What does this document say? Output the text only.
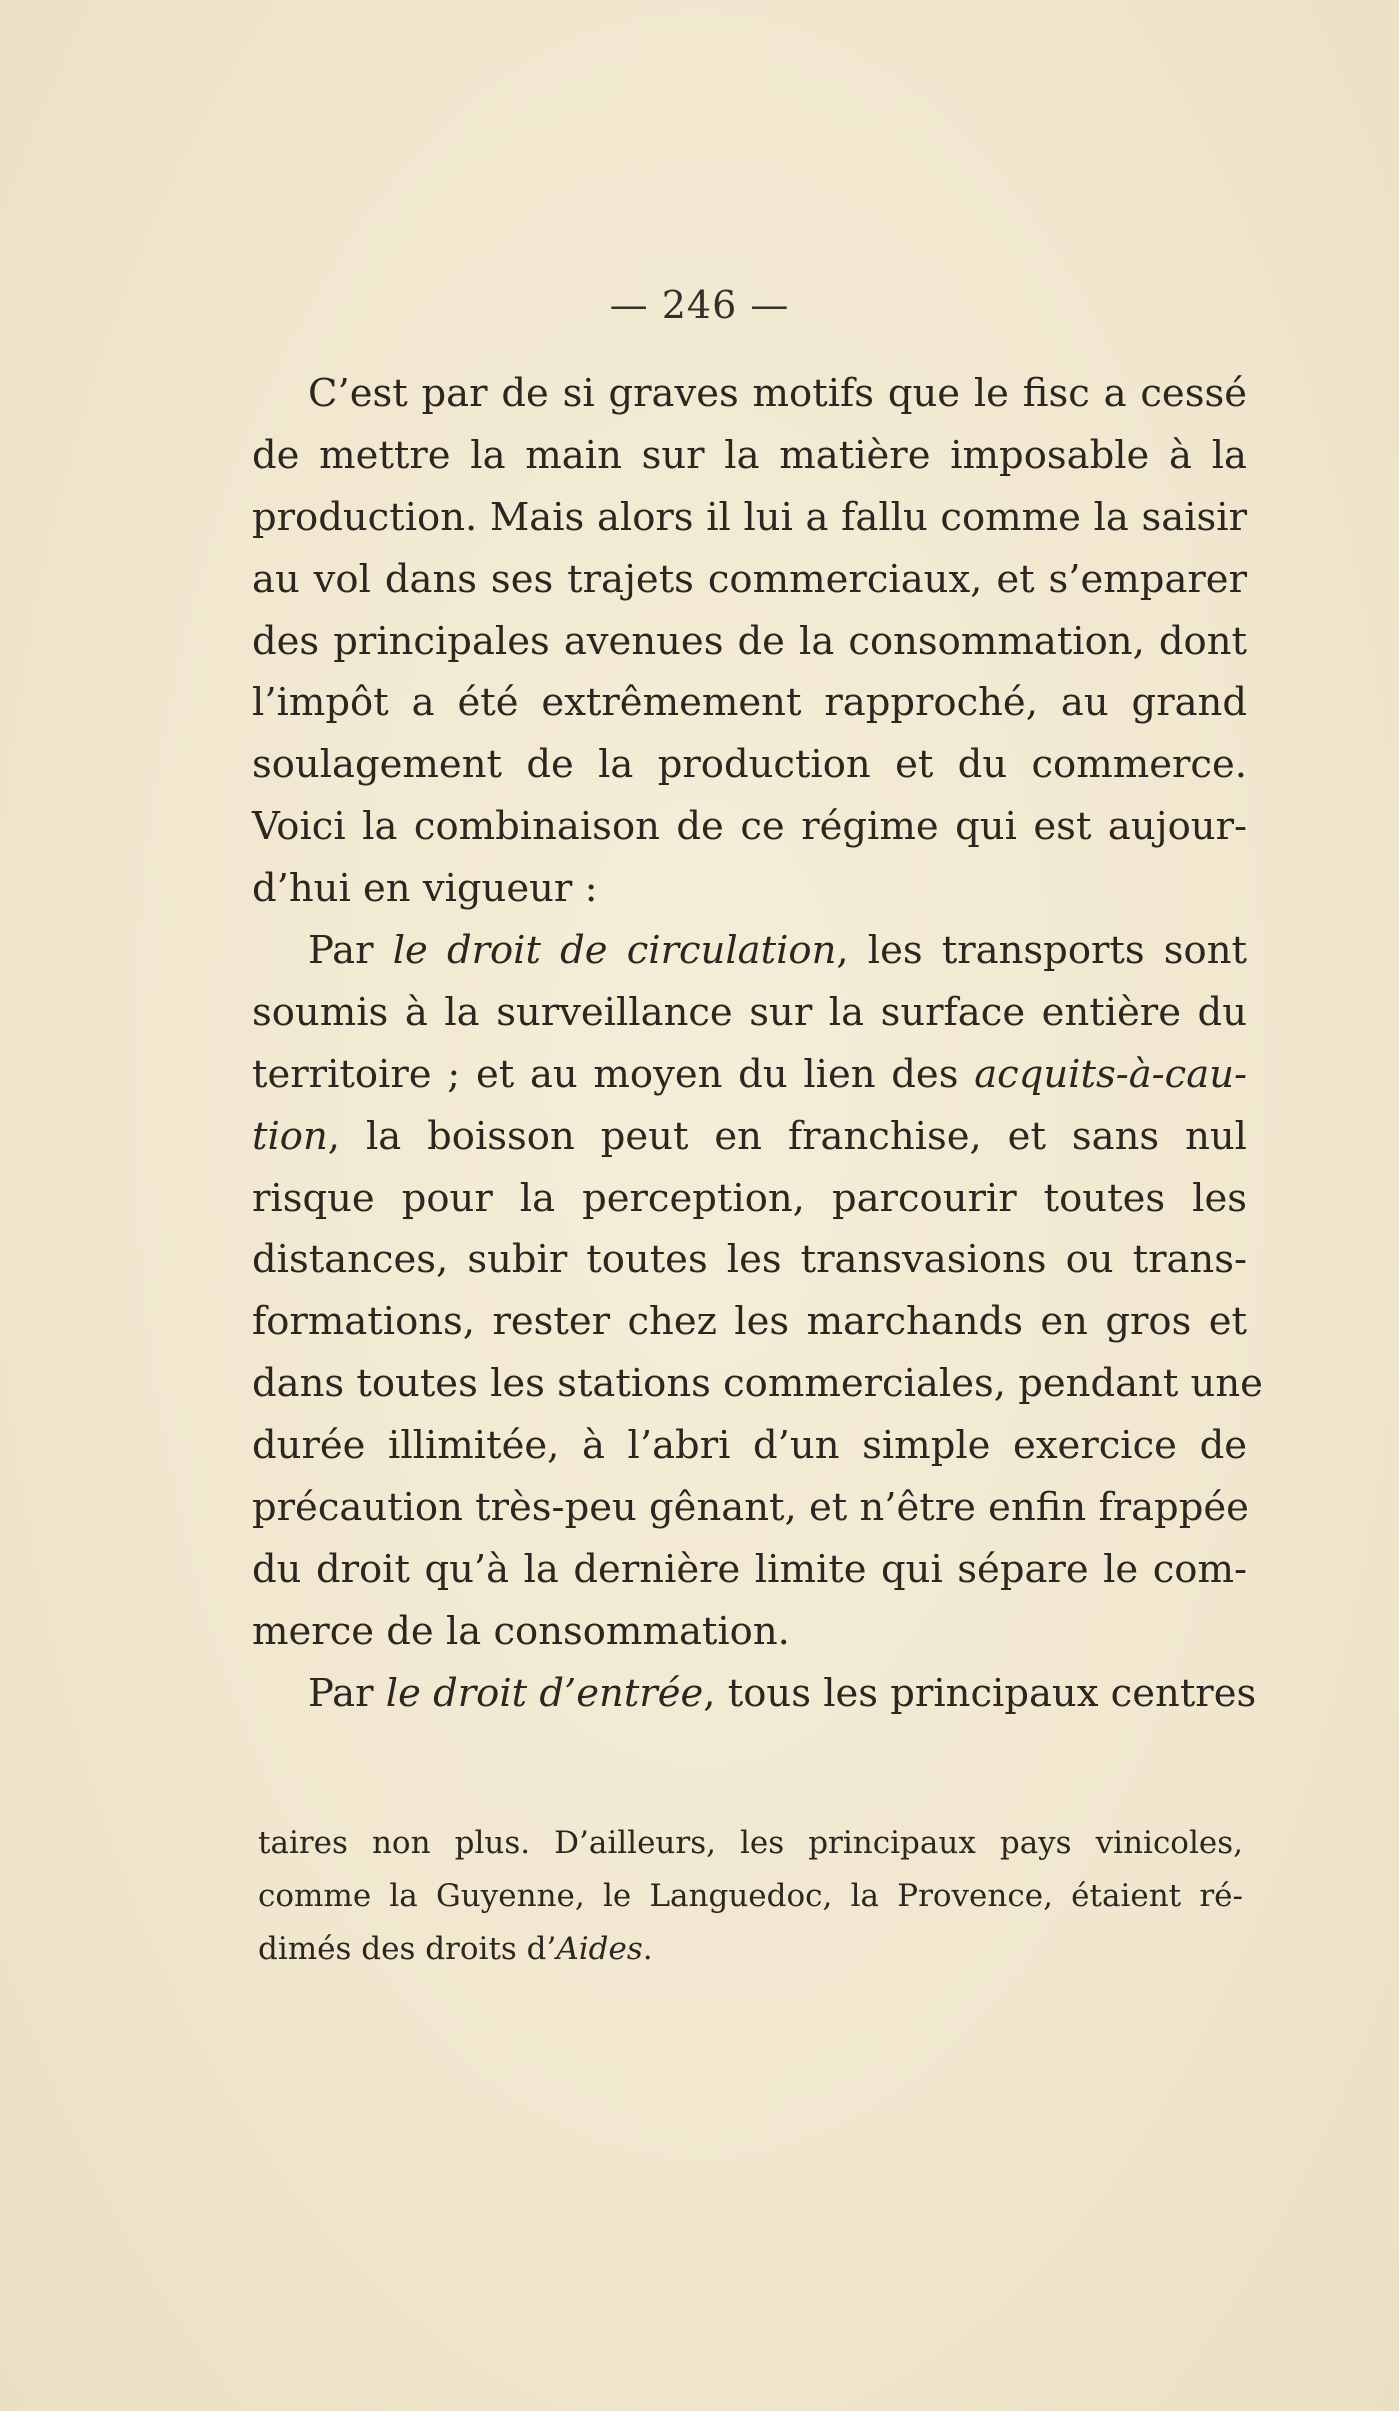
— 246 —
C’est par de si graves motifs que le fisc a cessé
de mettre la main sur la matière imposable à la
production. Mais alors il lui a fallu comme la saisir
au vol dans ses trajets commerciaux, et s’emparer
des principales avenues de la consommation, dont
l’impôt a été extrêmement rapproché, au grand
soulagement de la production et du commerce.
Voici la combinaison de ce régime qui est aujour-
d’hui en vigueur :
Par le droit de circulation, les transports sont
soumis à la surveillance sur la surface entière du
territoire ; et au moyen du lien des acquits-à-cau-
tion, la boisson peut en franchise, et sans nul
risque pour la perception, parcourir toutes les
distances, subir toutes les transvasions ou trans-
formations, rester chez les marchands en gros et
dans toutes les stations commerciales, pendant une
durée illimitée, à l’abri d’un simple exercice de
précaution très-peu gênant, et n’être enfin frappée
du droit qu’à la dernière limite qui sépare le com-
merce de la consommation.
Par le droit d’entrée, tous les principaux centres
taires non plus. D’ailleurs, les principaux pays vinicoles,
comme la Guyenne, le Languedoc, la Provence, étaient ré-
dimés des droits d’Aides.
